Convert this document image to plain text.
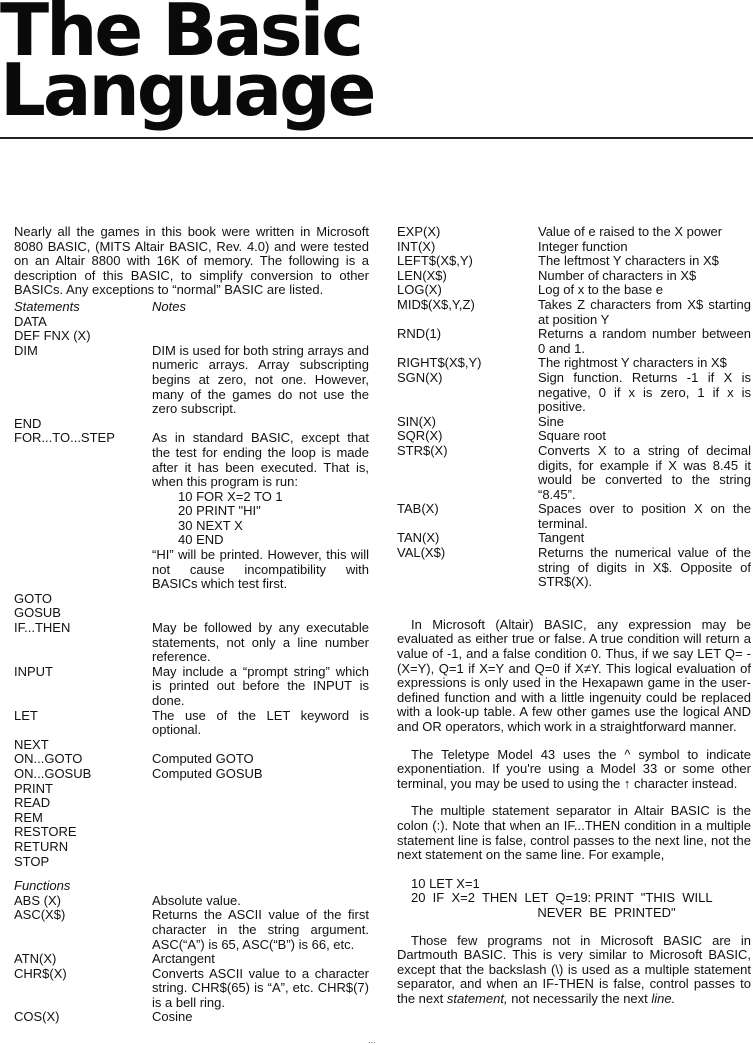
The Basic
Language

Nearly all the games in this book were written in Microsoft 8080 BASIC, (MITS Altair BASIC, Rev. 4.0) and were tested on an Altair 8800 with 16K of memory. The following is a description of this BASIC, to simplify conversion to other BASICs. Any exceptions to “normal” BASIC are listed.

Statements	Notes
DATA
DEF FNX (X)
DIM	DIM is used for both string arrays and numeric arrays. Array subscripting begins at zero, not one. However, many of the games do not use the zero subscript.
END
FOR...TO...STEP	As in standard BASIC, except that the test for ending the loop is made after it has been executed. That is, when this program is run:
10 FOR X=2 TO 1
20 PRINT "HI"
30 NEXT X
40 END
“HI” will be printed. However, this will not cause incompatibility with BASICs which test first.
GOTO
GOSUB
IF...THEN	May be followed by any executable statements, not only a line number reference.
INPUT	May include a “prompt string” which is printed out before the INPUT is done.
LET	The use of the LET keyword is optional.
NEXT
ON...GOTO	Computed GOTO
ON...GOSUB	Computed GOSUB
PRINT
READ
REM
RESTORE
RETURN
STOP
Functions
ABS (X)	Absolute value.
ASC(X$)	Returns the ASCII value of the first character in the string argument. ASC(“A”) is 65, ASC(“B”) is 66, etc.
ATN(X)	Arctangent
CHR$(X)	Converts ASCII value to a character string. CHR$(65) is “A”, etc. CHR$(7) is a bell ring.
COS(X)	Cosine
EXP(X)	Value of e raised to the X power
INT(X)	Integer function
LEFT$(X$,Y)	The leftmost Y characters in X$
LEN(X$)	Number of characters in X$
LOG(X)	Log of x to the base e
MID$(X$,Y,Z)	Takes Z characters from X$ starting at position Y
RND(1)	Returns a random number between 0 and 1.
RIGHT$(X$,Y)	The rightmost Y characters in X$
SGN(X)	Sign function. Returns -1 if X is negative, 0 if x is zero, 1 if x is positive.
SIN(X)	Sine
SQR(X)	Square root
STR$(X)	Converts X to a string of decimal digits, for example if X was 8.45 it would be converted to the string “8.45”.
TAB(X)	Spaces over to position X on the terminal.
TAN(X)	Tangent
VAL(X$)	Returns the numerical value of the string of digits in X$. Opposite of STR$(X).

In Microsoft (Altair) BASIC, any expression may be evaluated as either true or false. A true condition will return a value of -1, and a false condition 0. Thus, if we say LET Q= -(X=Y), Q=1 if X=Y and Q=0 if X≠Y. This logical evaluation of expressions is only used in the Hexapawn game in the user-defined function and with a little ingenuity could be replaced with a look-up table. A few other games use the logical AND and OR operators, which work in a straightforward manner.

The Teletype Model 43 uses the ^ symbol to indicate exponentiation. If you're using a Model 33 or some other terminal, you may be used to using the ↑ character instead.

The multiple statement separator in Altair BASIC is the colon (:). Note that when an IF...THEN condition in a multiple statement line is false, control passes to the next line, not the next statement on the same line. For example,

10 LET X=1
20  IF  X=2  THEN  LET  Q=19: PRINT  "THIS  WILL
NEVER  BE  PRINTED"

Those few programs not in Microsoft BASIC are in Dartmouth BASIC. This is very similar to Microsoft BASIC, except that the backslash (\) is used as a multiple statement separator, and when an IF-THEN is false, control passes to the next statement, not necessarily the next line.

...
